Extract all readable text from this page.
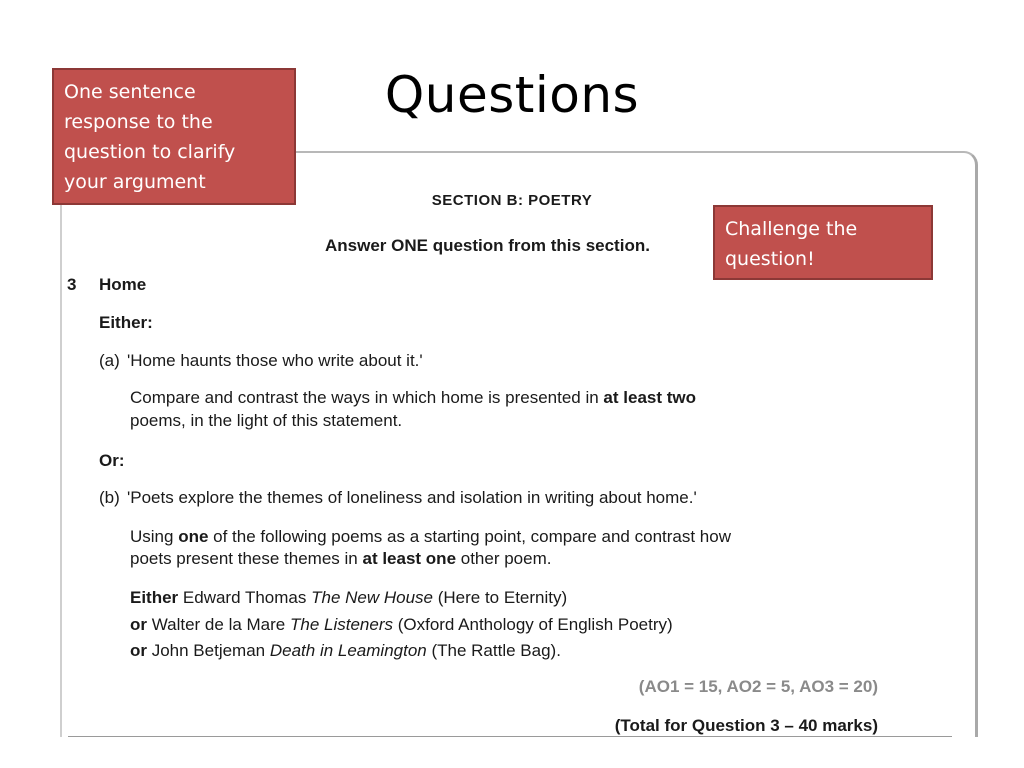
Questions
SECTION B: POETRY
Answer ONE question from this section.
3 Home
Either:
(a) 'Home haunts those who write about it.'
Compare and contrast the ways in which home is presented in at least two
poems, in the light of this statement.
Or:
(b) 'Poets explore the themes of loneliness and isolation in writing about home.'
Using one of the following poems as a starting point, compare and contrast how
poets present these themes in at least one other poem.
Either Edward Thomas The New House (Here to Eternity)
or Walter de la Mare The Listeners (Oxford Anthology of English Poetry)
or John Betjeman Death in Leamington (The Rattle Bag).
(AO1 = 15, AO2 = 5, AO3 = 20)
(Total for Question 3 – 40 marks)
One sentence
response to the
question to clarify
your argument
Challenge the
question!
